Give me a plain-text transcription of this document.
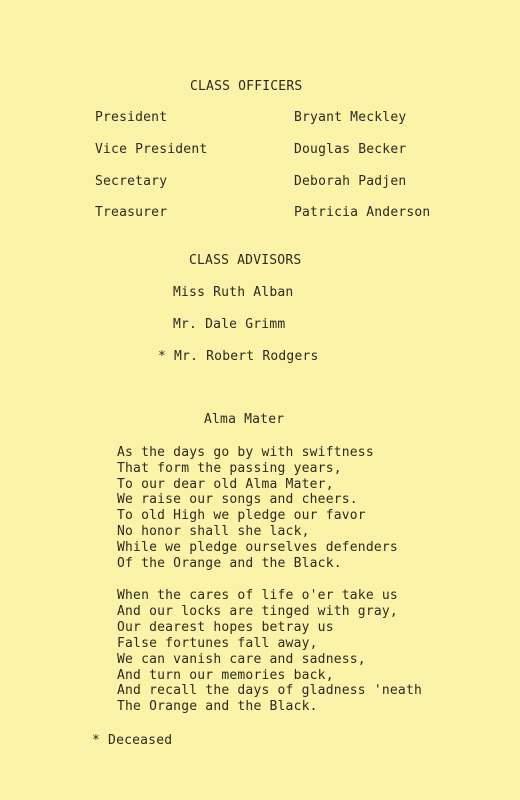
CLASS OFFICERS
President	Bryant Meckley
Vice President	Douglas Becker
Secretary	Deborah Padjen
Treasurer	Patricia Anderson
CLASS ADVISORS
Miss Ruth Alban
Mr. Dale Grimm
* Mr. Robert Rodgers
Alma Mater
As the days go by with swiftness
That form the passing years,
To our dear old Alma Mater,
We raise our songs and cheers.
To old High we pledge our favor
No honor shall she lack,
While we pledge ourselves defenders
Of the Orange and the Black.
When the cares of life o'er take us
And our locks are tinged with gray,
Our dearest hopes betray us
False fortunes fall away,
We can vanish care and sadness,
And turn our memories back,
And recall the days of gladness 'neath
The Orange and the Black.
* Deceased
